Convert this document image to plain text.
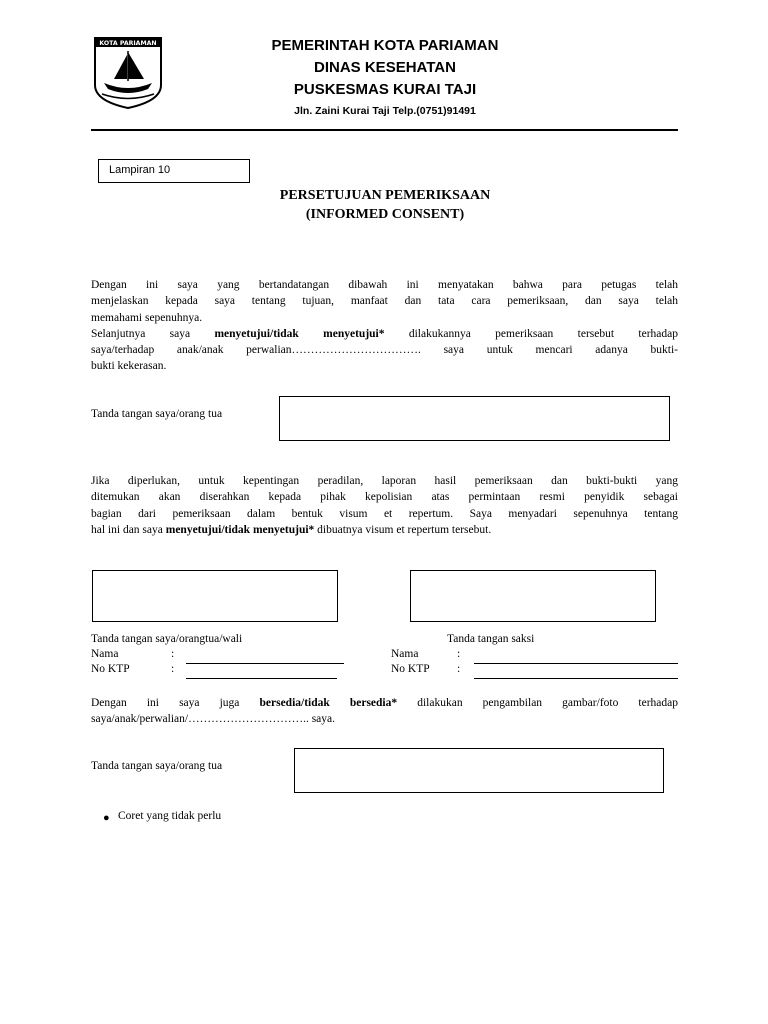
KOTA PARIAMAN	PEMERINTAH KOTA PARIAMAN
DINAS KESEHATAN
PUSKESMAS KURAI TAJI
Jln. Zaini Kurai Taji Telp.(0751)91491
Lampiran 10
PERSETUJUAN PEMERIKSAAN
(INFORMED CONSENT)
Dengan ini saya yang bertandatangan dibawah ini menyatakan bahwa para petugas telah
menjelaskan kepada saya tentang tujuan, manfaat dan tata cara pemeriksaan, dan saya telah
memahami sepenuhnya.
Selanjutnya saya menyetujui/tidak menyetujui* dilakukannya pemeriksaan tersebut terhadap
saya/terhadap anak/anak perwalian……………………………. saya untuk mencari adanya bukti-
bukti kekerasan.
Tanda tangan saya/orang tua
Jika diperlukan, untuk kepentingan peradilan, laporan hasil pemeriksaan dan bukti-bukti yang
ditemukan akan diserahkan kepada pihak kepolisian atas permintaan resmi penyidik sebagai
bagian dari pemeriksaan dalam bentuk visum et repertum. Saya menyadari sepenuhnya tentang
hal ini dan saya menyetujui/tidak menyetujui* dibuatnya visum et repertum tersebut.
Tanda tangan saya/orangtua/wali	Tanda tangan saksi
Nama	:
No KTP	:
Nama	:
No KTP :
Dengan ini saya juga bersedia/tidak bersedia* dilakukan pengambilan gambar/foto terhadap
saya/anak/perwalian/………………………….. saya.
Tanda tangan saya/orang tua
● Coret yang tidak perlu
